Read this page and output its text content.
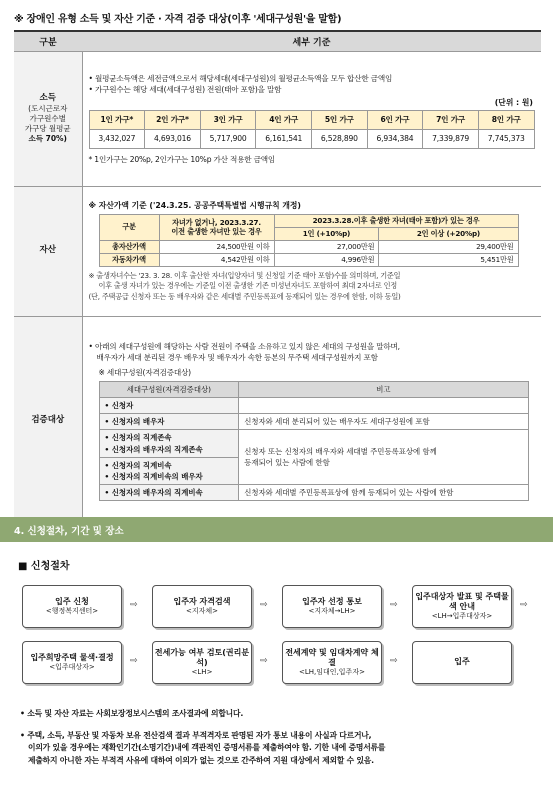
※ 장애인 유형 소득 및 자산 기준 · 자격 검증 대상(이후 '세대구성원'을 말함)
구분	세부 기준

소득
(도시근로자
가구원수별
가구당 월평균
소득 70%)

• 월평균소득액은 세전금액으로서 해당세대(세대구성원)의 월평균소득액을 모두 합산한 금액임
• 가구원수는 해당 세대(세대구성원) 전원(태아 포함)을 말함
(단위 : 원)
1인 가구*	2인 가구*	3인 가구	4인 가구	5인 가구	6인 가구	7인 가구	8인 가구
3,432,027	4,693,016	5,717,900	6,161,541	6,528,890	6,934,384	7,339,879	7,745,373
* 1인가구는 20%p, 2인가구는 10%p 가산 적용한 금액임

자산	
※ 자산가액 기준 ('24.3.25. 공공주택특별법 시행규칙 개정)
구분	자녀가 없거나, 2023.3.27.
이전 출생한 자녀만 있는 경우
	2023.3.28.이후 출생한 자녀(태아 포함)가 있는 경우
1인 (+10%p)	2인 이상 (+20%p)
총자산가액	24,500만원 이하	27,000만원	29,400만원
자동차가액	4,542만원 이하	4,996만원	5,451만원
※ 출생자녀수는 '23. 3. 28. 이후 출산한 자녀(입양자녀 및 신청일 기준 태아 포함)수를 의미하며, 기준일
이후 출생 자녀가 있는 경우에는 기준일 이전 출생한 기존 미성년자녀도 포함하여 최대 2자녀로 인정
(단, 주택공급 신청자 또는 동 배우자와 같은 세대별 주민등록표에 등재되어 있는 경우에 한함, 이하 동일)

검증대상	
• 아래의 세대구성원에 해당하는 사람 전원이 주택을 소유하고 있지 않은 세대의 구성원을 말하며,
배우자가 세대 분리된 경우 배우자 및 배우자가 속한 등본의 무주택 세대구성원까지 포함
※ 세대구성원(자격검증대상)
세대구성원(자격검증대상)	비고
• 신청자	
• 신청자의 배우자	신청자와 세대 분리되어 있는 배우자도 세대구성원에 포함

• 신청자의 직계존속
• 신청자의 배우자의 직계존속	신청자 또는 신청자의 배우자와 세대별 주민등록표상에 함께
등재되어 있는 사람에 한함

• 신청자의 직계비속
• 신청자의 직계비속의 배우자

• 신청자의 배우자의 직계비속	신청자와 세대별 주민등록표상에 함께 등재되어 있는 사람에 한함
4. 신청절차, 기간 및 장소
■ 신청절차
입주 신청
<행정복지센터>
⇨	입주자 자격검색
<지자체>
⇨	입주자 선정 통보
<지자체→LH>
⇨
입주대상자 발표 및 주택물색 안내
<LH→입주대상자>
⇨
입주희망주택 물색·결정
<입주대상자>
⇨
전세가능 여부 검토(권리분석)
<LH>
⇨
전세계약 및 임대차계약 체결
<LH,임대인,입주자>
⇨	입주
• 소득 및 자산 자료는 사회보장정보시스템의 조사결과에 의합니다.
• 주택, 소득, 부동산 및 자동차 보유 전산검색 결과 부적격자로 판명된 자가 통보 내용이 사실과 다르거나,
이의가 있을 경우에는 재확인기간(소명기간)내에 객관적인 증명서류를 제출하여야 함. 기한 내에 증명서류를
제출하지 아니한 자는 부적격 사유에 대하여 이의가 없는 것으로 간주하여 지원 대상에서 제외할 수 있음.
